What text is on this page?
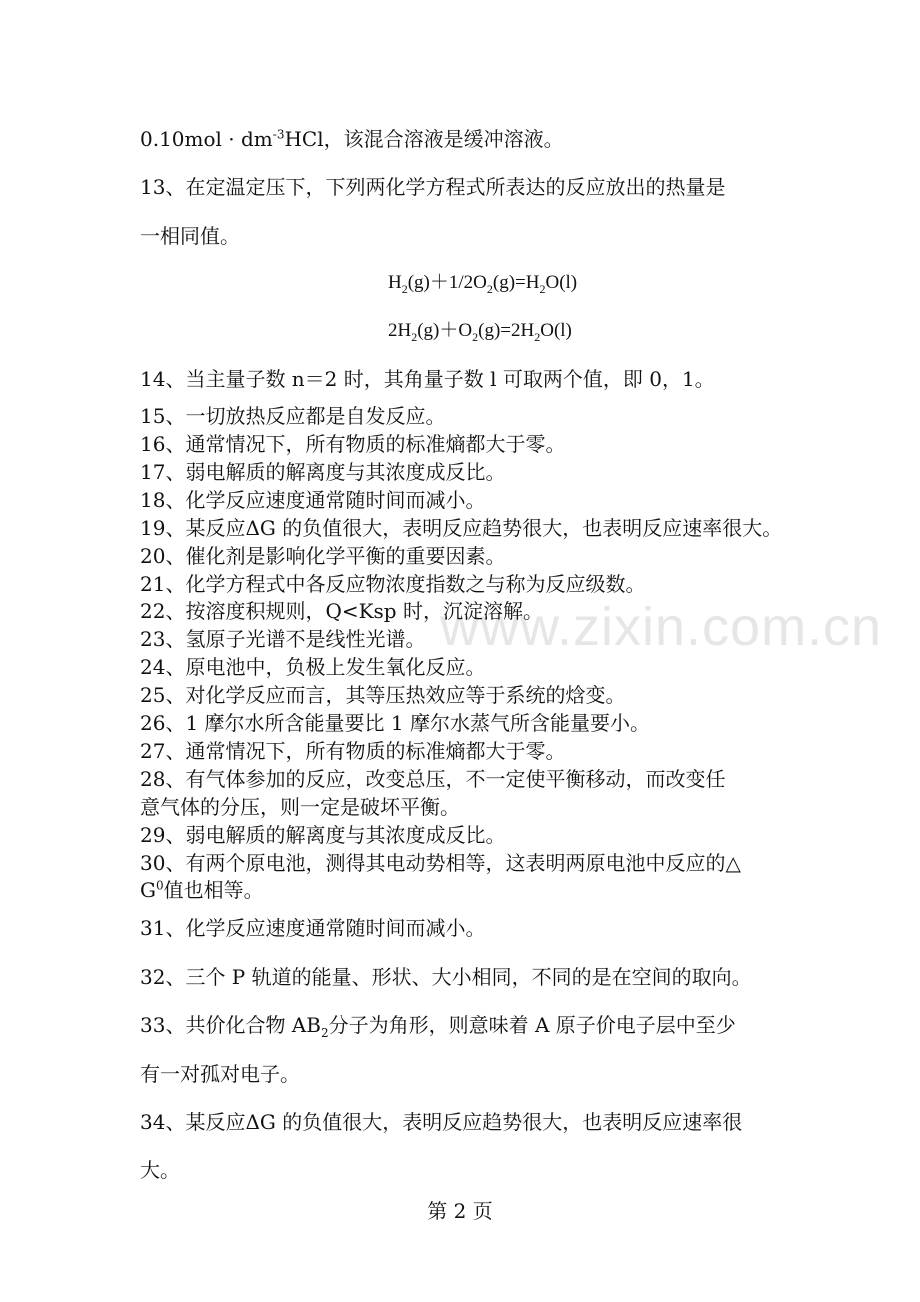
www.zixin.com.cn
$0.10mol \cdot dm^{-3}HCl$，该混合溶液是缓冲溶液。
13、在定温定压下，下列两化学方程式所表达的反应放出的热量是
一相同值。
$H_2(g)+1/2O_2(g)=H_2O(l)$
$2H_2(g)+O_2(g)=2H_2O(l)$
14、当主量子数 n＝2 时，其角量子数 l 可取两个值，即 0，1。
15、一切放热反应都是自发反应。
16、通常情况下，所有物质的标准熵都大于零。
17、弱电解质的解离度与其浓度成反比。
18、化学反应速度通常随时间而减小。
19、某反应ΔG 的负值很大，表明反应趋势很大，也表明反应速率很大。
20、催化剂是影响化学平衡的重要因素。
21、化学方程式中各反应物浓度指数之与称为反应级数。
22、按溶度积规则，Q<Ksp 时，沉淀溶解。
23、氢原子光谱不是线性光谱。
24、原电池中，负极上发生氧化反应。
25、对化学反应而言，其等压热效应等于系统的焓变。
26、1 摩尔水所含能量要比 1 摩尔水蒸气所含能量要小。
27、通常情况下，所有物质的标准熵都大于零。
28、有气体参加的反应，改变总压，不一定使平衡移动，而改变任
意气体的分压，则一定是破坏平衡。
29、弱电解质的解离度与其浓度成反比。
30、有两个原电池，测得其电动势相等，这表明两原电池中反应的△
$G^0$值也相等。
31、化学反应速度通常随时间而减小。
32、三个 P 轨道的能量、形状、大小相同，不同的是在空间的取向。
33、共价化合物 $AB_2$分子为角形，则意味着 A 原子价电子层中至少
有一对孤对电子。
34、某反应ΔG 的负值很大，表明反应趋势很大，也表明反应速率很
大。
第 2 页
